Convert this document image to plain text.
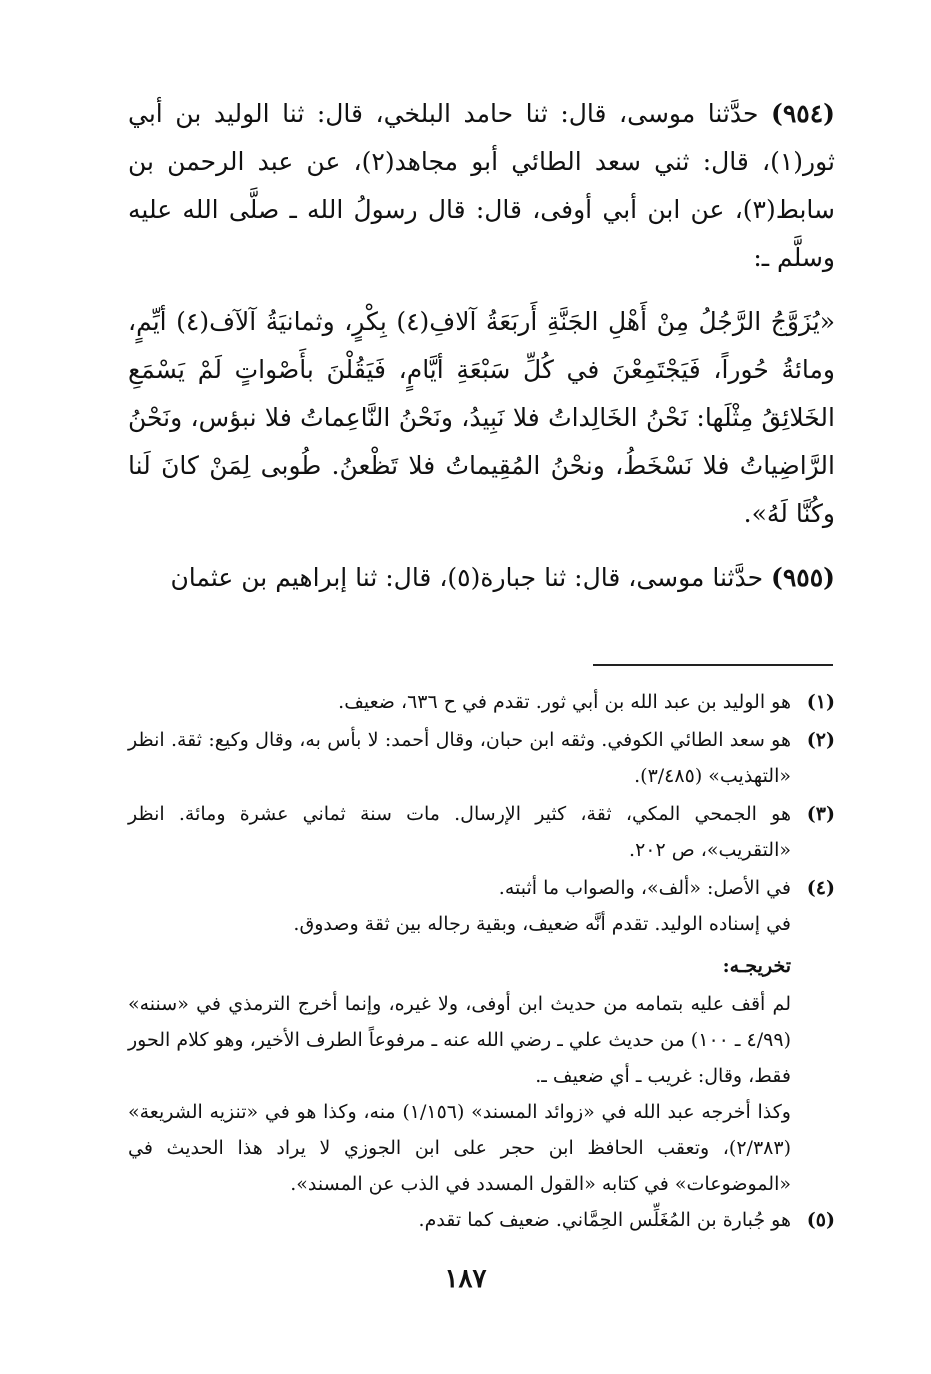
(٩٥٤) حدَّثنا موسى، قال: ثنا حامد البلخي، قال: ثنا الوليد بن أبي ثور(١)، قال: ثني سعد الطائي أبو مجاهد(٢)، عن عبد الرحمن بن سابط(٣)، عن ابن أبي أوفى، قال: قال رسولُ الله ـ صلَّى الله عليه وسلَّم ـ:

«يُزَوَّجُ الرَّجُلُ مِنْ أَهْلِ الجَنَّةِ أَربَعَةُ آلافِ(٤) بِكْرٍ، وثمانيَةُ آلآف(٤) أيِّمٍ، ومائةُ حُوراً، فَيَجْتَمِعْنَ في كُلِّ سَبْعَةِ أيَّامٍ، فَيَقُلْنَ بأَصْواتٍ لَمْ يَسْمَعِ الخَلائِقُ مِثْلَها: نَحْنُ الخَالِداتُ فلا نَبِيدُ، ونَحْنُ النَّاعِماتُ فلا نبؤس، ونَحْنُ الرَّاضِياتُ فلا نَسْخَطُ، ونحْنُ المُقِيماتُ فلا تَظْعنُ. طُوبى لِمَنْ كانَ لَنا وكُنَّا لَهُ».

(٩٥٥) حدَّثنا موسى، قال: ثنا جبارة(٥)، قال: ثنا إبراهيم بن عثمان

(١)

هو الوليد بن عبد الله بن أبي ثور. تقدم في ح ٦٣٦، ضعيف.

(٢)

هو سعد الطائي الكوفي. وثقه ابن حبان، وقال أحمد: لا بأس به، وقال وكيع: ثقة. انظر «التهذيب» (٣/٤٨٥).

(٣)

هو الجمحي المكي، ثقة، كثير الإرسال. مات سنة ثماني عشرة ومائة. انظر «التقريب»، ص ٢٠٢.

(٤)

في الأصل: «ألف»، والصواب ما أثبته.

في إسناده الوليد. تقدم أنَّه ضعيف، وبقية رجاله بين ثقة وصدوق.

تخريجـه:

لم أقف عليه بتمامه من حديث ابن أوفى، ولا غيره، وإنما أخرج الترمذي في «سننه» (٤/٩٩ ـ ١٠٠) من حديث علي ـ رضي الله عنه ـ مرفوعاً الطرف الأخير، وهو كلام الحور فقط، وقال: غريب ـ أي ضعيف ـ.

وكذا أخرجه عبد الله في «زوائد المسند» (١/١٥٦) منه، وكذا هو في «تنزيه الشريعة» (٢/٣٨٣)، وتعقب الحافظ ابن حجر على ابن الجوزي لا يراد هذا الحديث في «الموضوعات» في كتابه «القول المسدد في الذب عن المسند».

(٥)

هو جُبارة بن المُغَلِّس الحِمَّاني. ضعيف كما تقدم.

١٨٧
